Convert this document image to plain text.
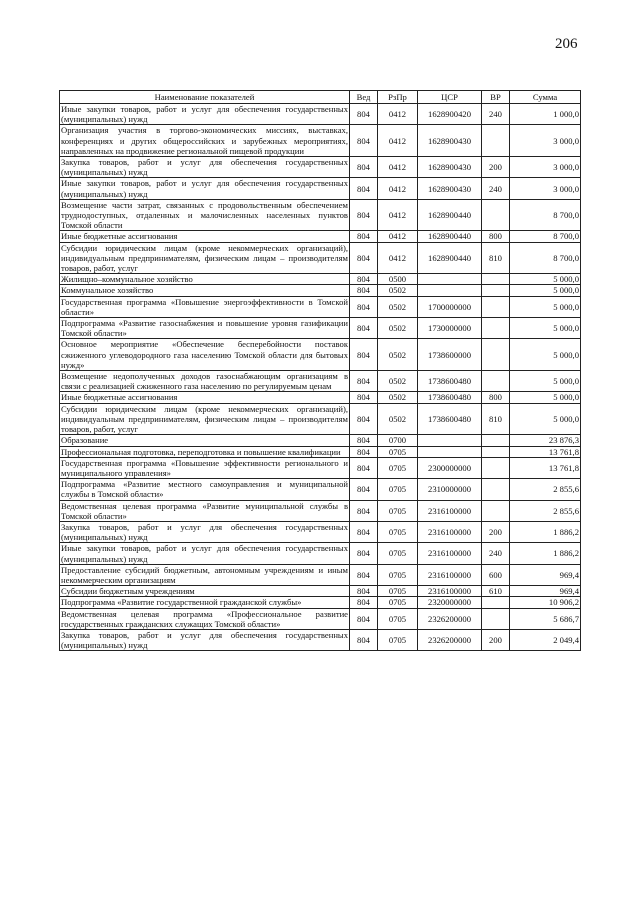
206
Наименование показателей	Вед	РзПр	ЦСР	ВР	Сумма
Иные закупки товаров, работ и услуг для обеспечения государственных (муниципальных) нужд	804	0412	1628900420	240	1 000,0
Организация участия в торгово-экономических миссиях, выставках, конференциях и других общероссийских и зарубежных мероприятиях, направленных на продвижение региональной пищевой продукции	804	0412	1628900430		3 000,0
Закупка товаров, работ и услуг для обеспечения государственных (муниципальных) нужд	804	0412	1628900430	200	3 000,0
Иные закупки товаров, работ и услуг для обеспечения государственных (муниципальных) нужд	804	0412	1628900430	240	3 000,0
Возмещение части затрат, связанных с продовольственным обеспечением труднодоступных, отдаленных и малочисленных населенных пунктов Томской области	804	0412	1628900440		8 700,0
Иные бюджетные ассигнования	804	0412	1628900440	800	8 700,0
Субсидии юридическим лицам (кроме некоммерческих организаций), индивидуальным предпринимателям, физическим лицам – производителям товаров, работ, услуг	804	0412	1628900440	810	8 700,0
Жилищно–коммунальное хозяйство	804	0500			5 000,0
Коммунальное хозяйство	804	0502			5 000,0
Государственная программа «Повышение энергоэффективности в Томской области»	804	0502	1700000000		5 000,0
Подпрограмма «Развитие газоснабжения и повышение уровня газификации Томской области»	804	0502	1730000000		5 000,0
Основное мероприятие «Обеспечение бесперебойности поставок сжиженного углеводородного газа населению Томской области для бытовых нужд»	804	0502	1738600000		5 000,0
Возмещение недополученных доходов газоснабжающим организациям в связи с реализацией сжиженного газа населению по регулируемым ценам	804	0502	1738600480		5 000,0
Иные бюджетные ассигнования	804	0502	1738600480	800	5 000,0
Субсидии юридическим лицам (кроме некоммерческих организаций), индивидуальным предпринимателям, физическим лицам – производителям товаров, работ, услуг	804	0502	1738600480	810	5 000,0
Образование	804	0700			23 876,3
Профессиональная подготовка, переподготовка и повышение квалификации	804	0705			13 761,8
Государственная программа «Повышение эффективности регионального и муниципального управления»	804	0705	2300000000		13 761,8
Подпрограмма «Развитие местного самоуправления и муниципальной службы в Томской области»	804	0705	2310000000		2 855,6
Ведомственная целевая программа «Развитие муниципальной службы в Томской области»	804	0705	2316100000		2 855,6
Закупка товаров, работ и услуг для обеспечения государственных (муниципальных) нужд	804	0705	2316100000	200	1 886,2
Иные закупки товаров, работ и услуг для обеспечения государственных (муниципальных) нужд	804	0705	2316100000	240	1 886,2
Предоставление субсидий бюджетным, автономным учреждениям и иным некоммерческим организациям	804	0705	2316100000	600	969,4
Субсидии бюджетным учреждениям	804	0705	2316100000	610	969,4
Подпрограмма «Развитие государственной гражданской службы»	804	0705	2320000000		10 906,2
Ведомственная целевая программа «Профессиональное развитие государственных гражданских служащих Томской области»	804	0705	2326200000		5 686,7
Закупка товаров, работ и услуг для обеспечения государственных (муниципальных) нужд	804	0705	2326200000	200	2 049,4
